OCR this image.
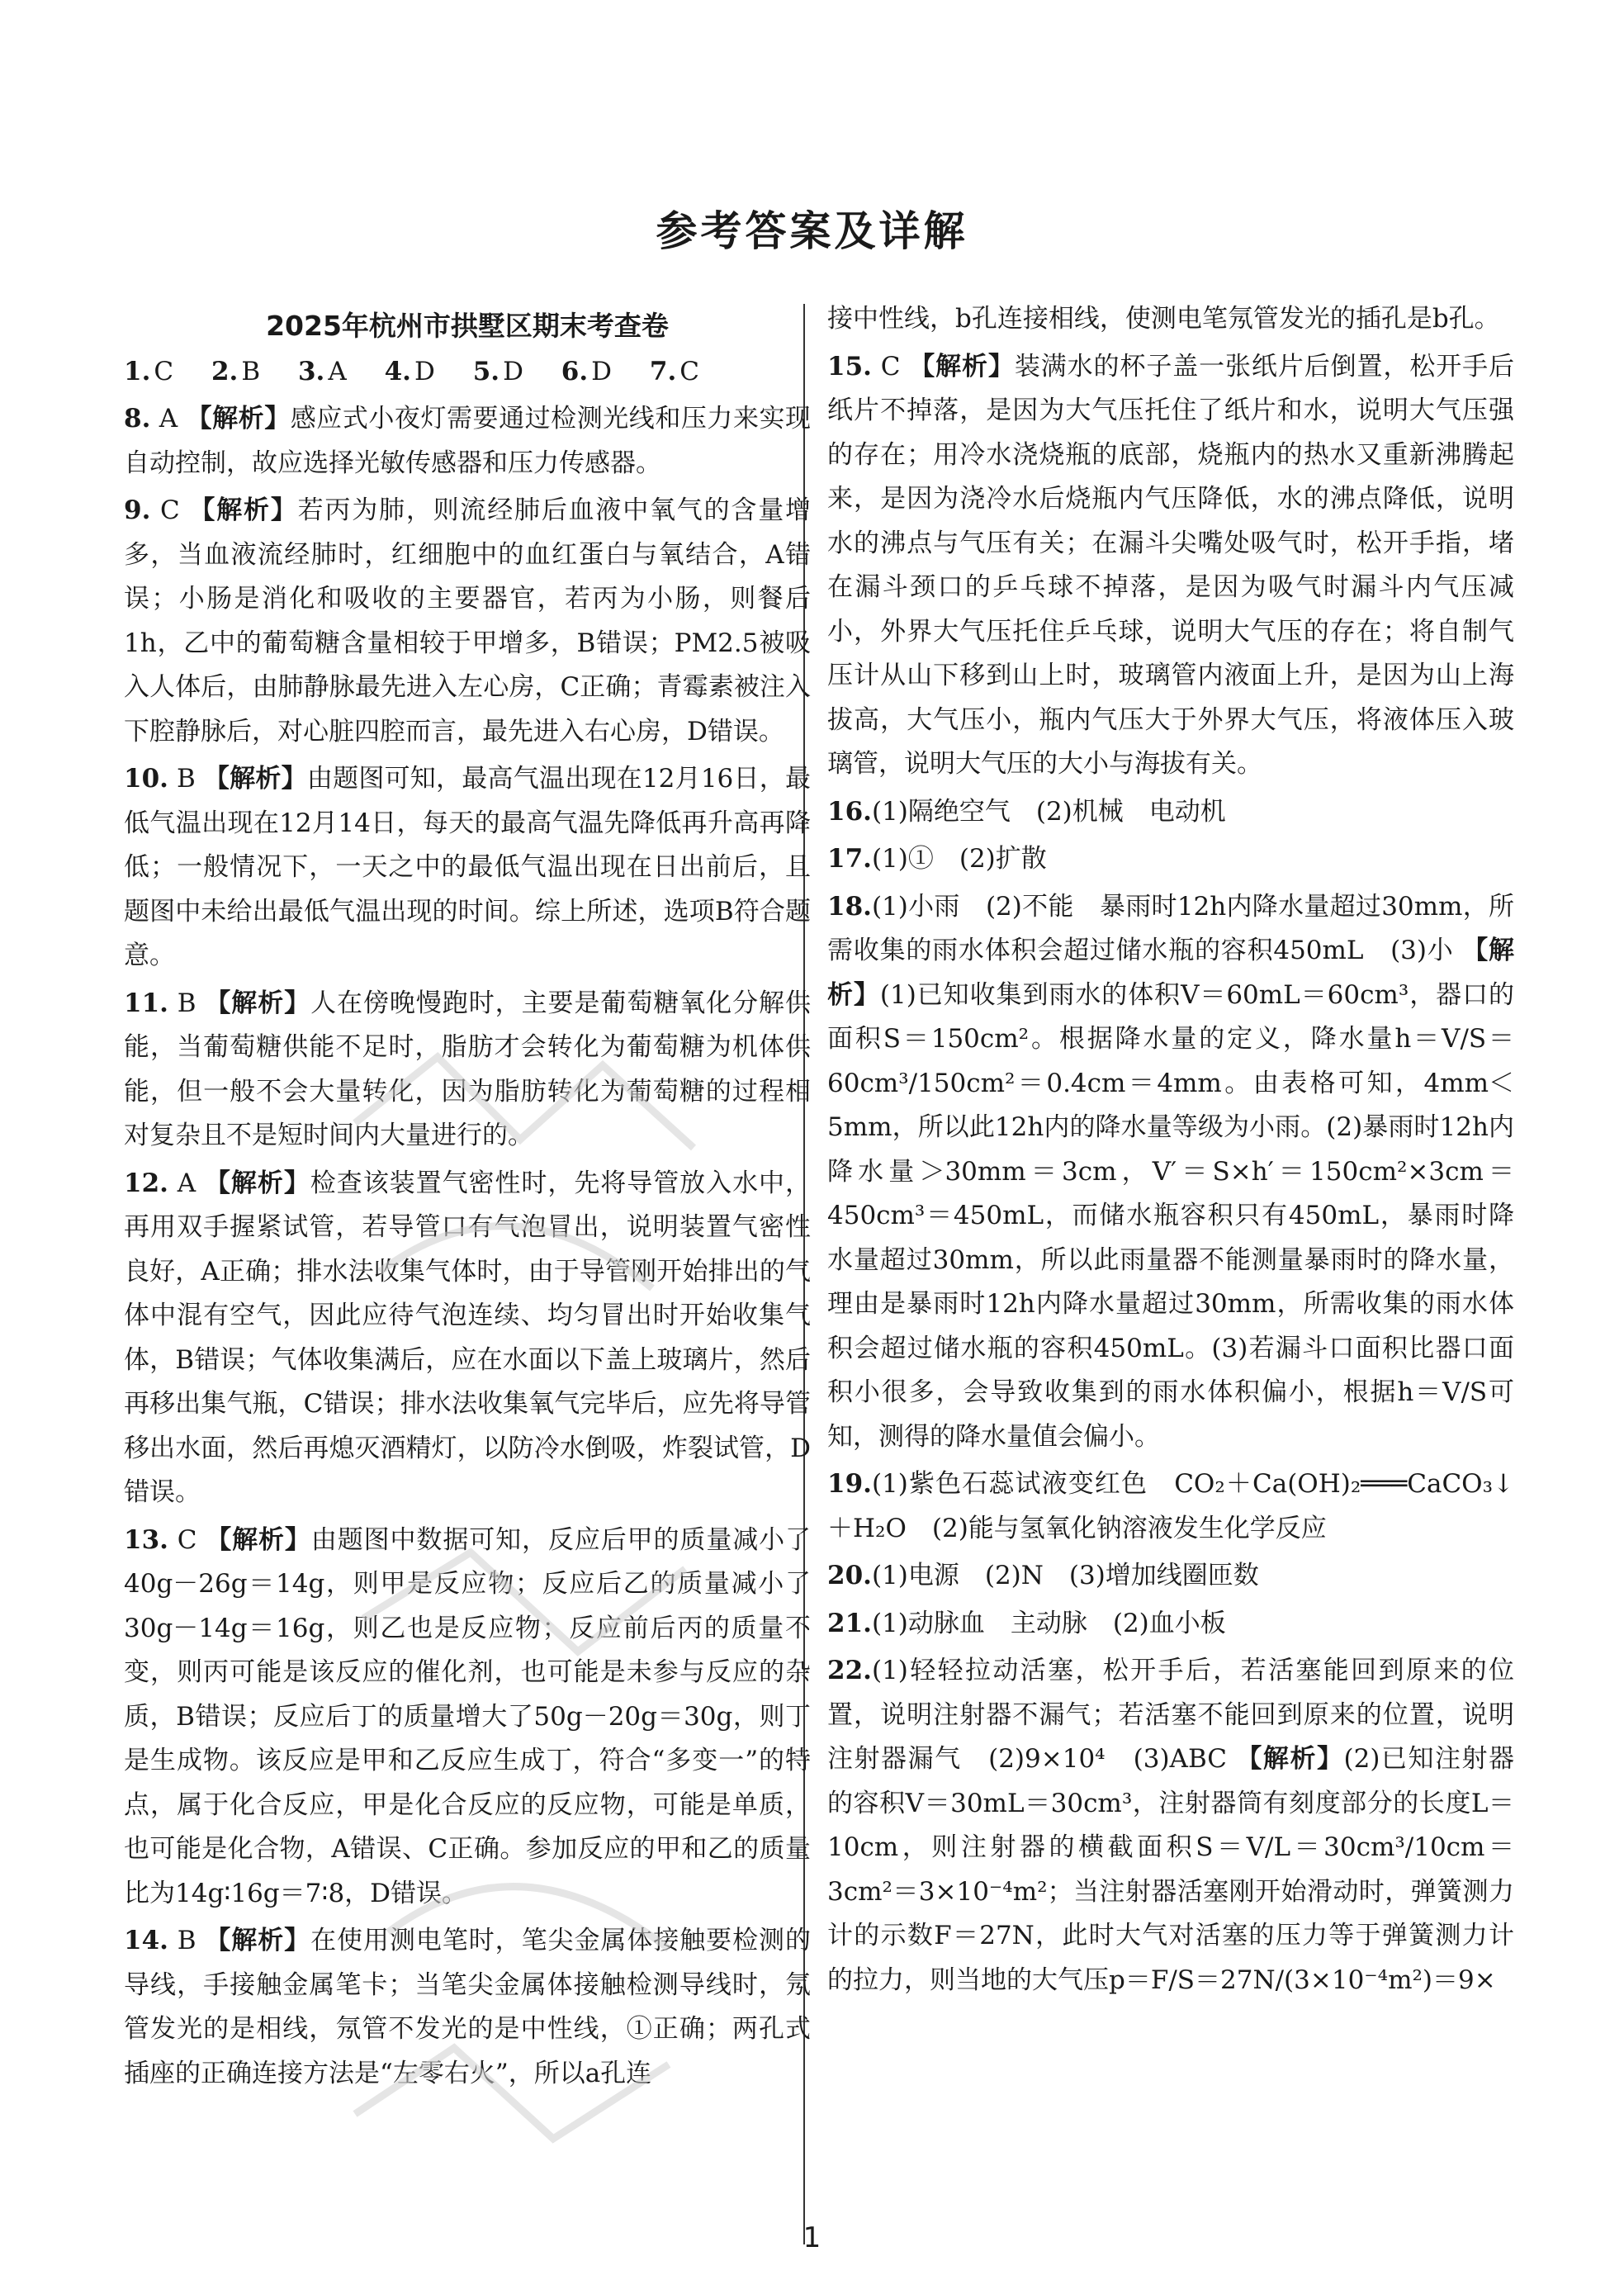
参考答案及详解
2025年杭州市拱墅区期末考查卷
1. C 2. B 3. A 4. D 5. D 6. D 7. C

8. A 【解析】感应式小夜灯需要通过检测光线和压力来实现自动控制，故应选择光敏传感器和压力传感器。

9. C 【解析】若丙为肺，则流经肺后血液中氧气的含量增多，当血液流经肺时，红细胞中的血红蛋白与氧结合，A错误；小肠是消化和吸收的主要器官，若丙为小肠，则餐后1h，乙中的葡萄糖含量相较于甲增多，B错误；PM2.5被吸入人体后，由肺静脉最先进入左心房，C正确；青霉素被注入下腔静脉后，对心脏四腔而言，最先进入右心房，D错误。

10. B 【解析】由题图可知，最高气温出现在12月16日，最低气温出现在12月14日，每天的最高气温先降低再升高再降低；一般情况下，一天之中的最低气温出现在日出前后，且题图中未给出最低气温出现的时间。综上所述，选项B符合题意。

11. B 【解析】人在傍晚慢跑时，主要是葡萄糖氧化分解供能，当葡萄糖供能不足时，脂肪才会转化为葡萄糖为机体供能，但一般不会大量转化，因为脂肪转化为葡萄糖的过程相对复杂且不是短时间内大量进行的。

12. A 【解析】检查该装置气密性时，先将导管放入水中，再用双手握紧试管，若导管口有气泡冒出，说明装置气密性良好，A正确；排水法收集气体时，由于导管刚开始排出的气体中混有空气，因此应待气泡连续、均匀冒出时开始收集气体，B错误；气体收集满后，应在水面以下盖上玻璃片，然后再移出集气瓶，C错误；排水法收集氧气完毕后，应先将导管移出水面，然后再熄灭酒精灯，以防冷水倒吸，炸裂试管，D错误。

13. C 【解析】由题图中数据可知，反应后甲的质量减小了40g－26g＝14g，则甲是反应物；反应后乙的质量减小了30g－14g＝16g，则乙也是反应物；反应前后丙的质量不变，则丙可能是该反应的催化剂，也可能是未参与反应的杂质，B错误；反应后丁的质量增大了50g－20g＝30g，则丁是生成物。该反应是甲和乙反应生成丁，符合“多变一”的特点，属于化合反应，甲是化合反应的反应物，可能是单质，也可能是化合物，A错误、C正确。参加反应的甲和乙的质量比为14g∶16g＝7∶8，D错误。

14. B 【解析】在使用测电笔时，笔尖金属体接触要检测的导线，手接触金属笔卡；当笔尖金属体接触检测导线时，氖管发光的是相线，氖管不发光的是中性线，①正确；两孔式插座的正确连接方法是“左零右火”，所以a孔连

接中性线，b孔连接相线，使测电笔氖管发光的插孔是b孔。

15. C 【解析】装满水的杯子盖一张纸片后倒置，松开手后纸片不掉落，是因为大气压托住了纸片和水，说明大气压强的存在；用冷水浇烧瓶的底部，烧瓶内的热水又重新沸腾起来，是因为浇冷水后烧瓶内气压降低，水的沸点降低，说明水的沸点与气压有关；在漏斗尖嘴处吸气时，松开手指，堵在漏斗颈口的乒乓球不掉落，是因为吸气时漏斗内气压减小，外界大气压托住乒乓球，说明大气压的存在；将自制气压计从山下移到山上时，玻璃管内液面上升，是因为山上海拔高，大气压小，瓶内气压大于外界大气压，将液体压入玻璃管，说明大气压的大小与海拔有关。

16.(1)隔绝空气　(2)机械　电动机

17.(1)①　(2)扩散

18.(1)小雨　(2)不能　暴雨时12h内降水量超过30mm，所需收集的雨水体积会超过储水瓶的容积450mL　(3)小 【解析】(1)已知收集到雨水的体积V＝60mL＝60cm³，器口的面积S＝150cm²。根据降水量的定义，降水量h＝V/S＝60cm³/150cm²＝0.4cm＝4mm。由表格可知，4mm＜5mm，所以此12h内的降水量等级为小雨。(2)暴雨时12h内降水量＞30mm＝3cm，V′＝S×h′＝150cm²×3cm＝450cm³＝450mL，而储水瓶容积只有450mL，暴雨时降水量超过30mm，所以此雨量器不能测量暴雨时的降水量，理由是暴雨时12h内降水量超过30mm，所需收集的雨水体积会超过储水瓶的容积450mL。(3)若漏斗口面积比器口面积小很多，会导致收集到的雨水体积偏小，根据h＝V/S可知，测得的降水量值会偏小。

19.(1)紫色石蕊试液变红色　CO₂＋Ca(OH)₂═══CaCO₃↓＋H₂O　(2)能与氢氧化钠溶液发生化学反应

20.(1)电源　(2)N　(3)增加线圈匝数

21.(1)动脉血　主动脉　(2)血小板

22.(1)轻轻拉动活塞，松开手后，若活塞能回到原来的位置，说明注射器不漏气；若活塞不能回到原来的位置，说明注射器漏气　(2)9×10⁴　(3)ABC 【解析】(2)已知注射器的容积V＝30mL＝30cm³，注射器筒有刻度部分的长度L＝10cm，则注射器的横截面积S＝V/L＝30cm³/10cm＝3cm²＝3×10⁻⁴m²；当注射器活塞刚开始滑动时，弹簧测力计的示数F＝27N，此时大气对活塞的压力等于弹簧测力计的拉力，则当地的大气压p＝F/S＝27N/(3×10⁻⁴m²)＝9×

1
